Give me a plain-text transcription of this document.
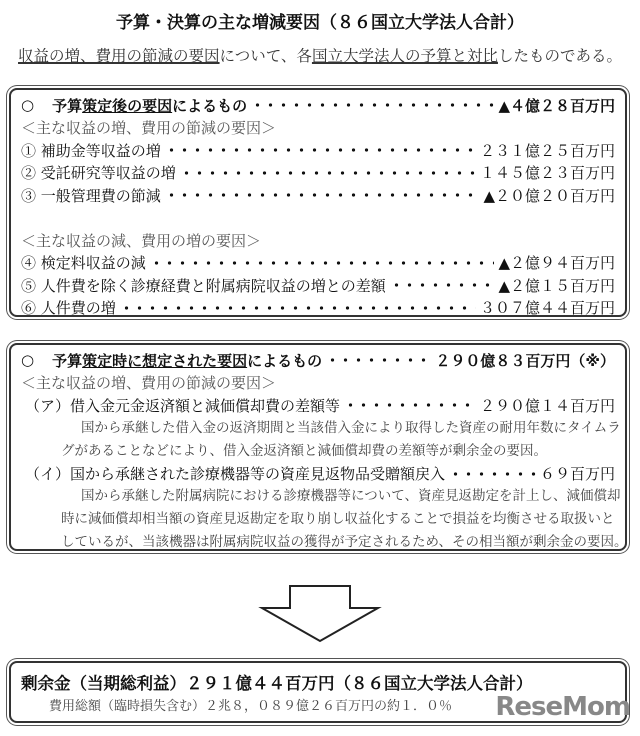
予算・決算の主な増減要因（８６国立大学法人合計）
収益の増、費用の節減の要因について、各国立大学法人の予算と対比したものである。
○ 予算 策定後の要因 によるもの	▲４億２８百万円
＜主な収益の増、費用の節減の要因＞
① 補助金等収益の増	２３１億２５百万円
② 受託研究等収益の増	１４５億２３百万円
③ 一般管理費の節減	▲２０億２０百万円
＜主な収益の減、費用の増の要因＞
④ 検定料収益の減	▲２億９４百万円
⑤ 人件費を除く診療経費と附属病院収益の増との差額	▲２億１５百万円
⑥ 人件費の増	３０７億４４百万円
○ 予算 策定時に想定された要因 によるもの	２９０億８３百万円（※）
＜主な収益の増、費用の節減の要因＞
（ア）借入金元金返済額と減価償却費の差額等	２９０億１４百万円
国から承継した借入金の返済期間と当該借入金により取得した資産の耐用年数にタイムラ
グがあることなどにより、借入金返済額と減価償却費の差額等が剰余金の要因。
（イ）国から承継された診療機器等の資産見返物品受贈額戻入	６９百万円
国から承継した附属病院における診療機器等について、資産見返勘定を計上し、減価償却
時に減価償却相当額の資産見返勘定を取り崩し収益化することで損益を均衡させる取扱いと
しているが、当該機器は附属病院収益の獲得が予定されるため、その相当額が剰余金の要因。
剰余金（当期総利益）２９１億４４百万円（８６国立大学法人合計）
費用総額（臨時損失含む）２兆８，０８９億２６百万円の約１．０％	ReseMom
